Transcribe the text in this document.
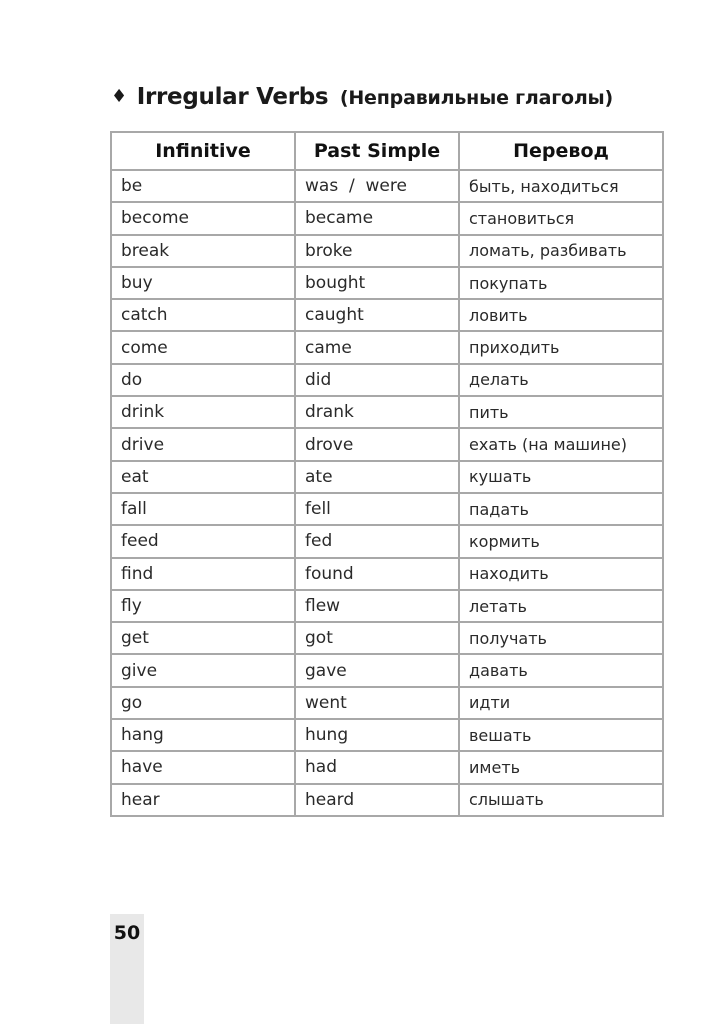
♦ Irregular Verbs (Неправильные глаголы)
Infinitive	Past Simple	Перевод
be	was  /  were	быть, находиться
become	became	становиться
break	broke	ломать, разбивать
buy	bought	покупать
catch	caught	ловить
come	came	приходить
do	did	делать
drink	drank	пить
drive	drove	ехать (на машине)
eat	ate	кушать
fall	fell	падать
feed	fed	кормить
find	found	находить
fly	flew	летать
get	got	получать
give	gave	давать
go	went	идти
hang	hung	вешать
have	had	иметь
hear	heard	слышать
50
